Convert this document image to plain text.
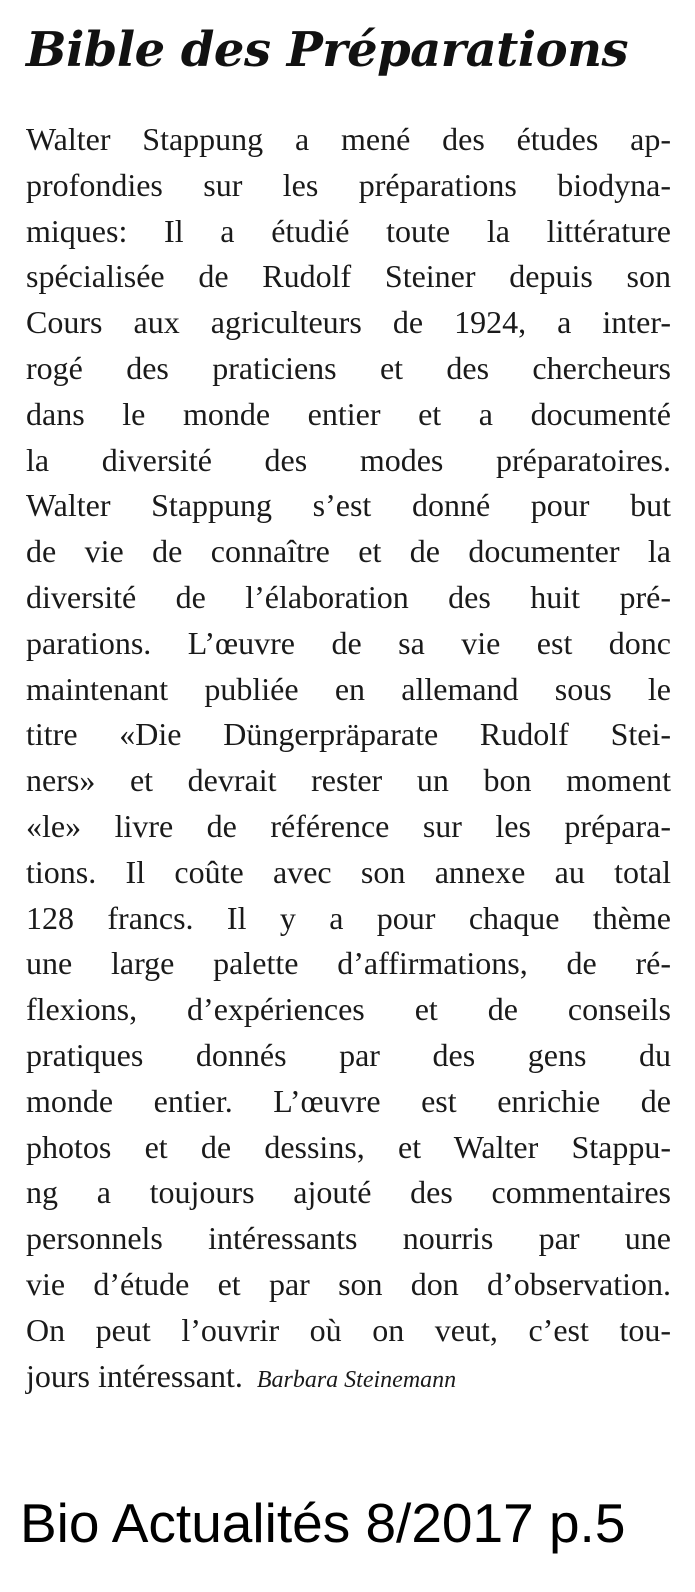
Bible des Préparations
Walter Stappung a mené des études ap-
profondies sur les préparations biodyna-
miques: Il a étudié toute la littérature
spécialisée de Rudolf Steiner depuis son
Cours aux agriculteurs de 1924, a inter-
rogé des praticiens et des chercheurs
dans le monde entier et a documenté
la diversité des modes préparatoires.
Walter Stappung s’est donné pour but
de vie de connaître et de documenter la
diversité de l’élaboration des huit pré-
parations. L’œuvre de sa vie est donc
maintenant publiée en allemand sous le
titre «Die Düngerpräparate Rudolf Stei-
ners» et devrait rester un bon moment
«le» livre de référence sur les prépara-
tions. Il coûte avec son annexe au total
128 francs. Il y a pour chaque thème
une large palette d’affirmations, de ré-
flexions, d’expériences et de conseils
pratiques donnés par des gens du
monde entier. L’œuvre est enrichie de
photos et de dessins, et Walter Stappu-
ng a toujours ajouté des commentaires
personnels intéressants nourris par une
vie d’étude et par son don d’observation.
On peut l’ouvrir où on veut, c’est tou-
jours intéressant. Barbara Steinemann

Bio Actualités 8/2017 p.5
